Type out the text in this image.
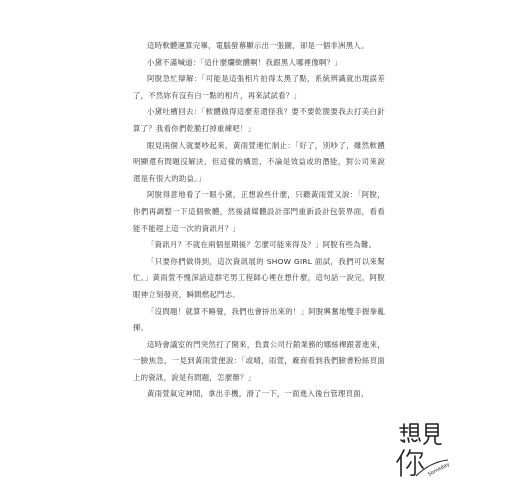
這時軟體運算完畢，電腦螢幕顯示出一張圖，卻是一個非洲黑人。

小黛不滿喊道：「這什麼爛軟體啊！我跟黑人哪裡像啊？」

阿脫急忙辯解：「可能是這張相片拍得太黑了點，系統辨識就出現誤差了，不然妳有沒有白一點的相片，再來試試看？」

小黛吐槽回去：「軟體做得這麼差還怪我？要不要乾脆要我去打美白針算了？我看你們乾脆打掉重練吧！」

眼見兩個人就要吵起來，黃雨萱連忙制止：「好了，別吵了，雖然軟體明顯還有問題沒解決，但這樣的構思，不論是效益或的潛能，對公司來說還是有很大的助益。」

阿脫得意地看了一眼小黛，正想說些什麼，只聽黃雨萱又說：「阿脫，你們再調整一下這個軟體，然後請媒體設計部門重新設計包裝界面，看看能不能趕上這一次的資訊月？」

「資訊月？不就在兩個星期後？怎麼可能來得及？」阿脫有些為難。

「只要你們做得到，這次資訊展的 SHOW GIRL 面試，我們可以來幫忙。」黃雨萱不愧深諳這群宅男工程師心裡在想什麼，這句話一說完，阿脫眼神立刻發亮，瞬間燃起鬥志。

「沒問題！就算不睡覺，我們也會拚出來的！」阿脫興奮地雙手握拳亂揮。

這時會議室的門突然打了開來，負責公司行銷業務的娜絲稞跟著進來，一臉焦急，一見到黃雨萱便說：「或晴，雨萱，廠商看到我們臉書粉絲頁面上的資訊，說是有問題，怎麼辦？」

黃雨萱氣定神閒，拿出手機，滑了一下，一面進入後台管理頁面，

Someday
